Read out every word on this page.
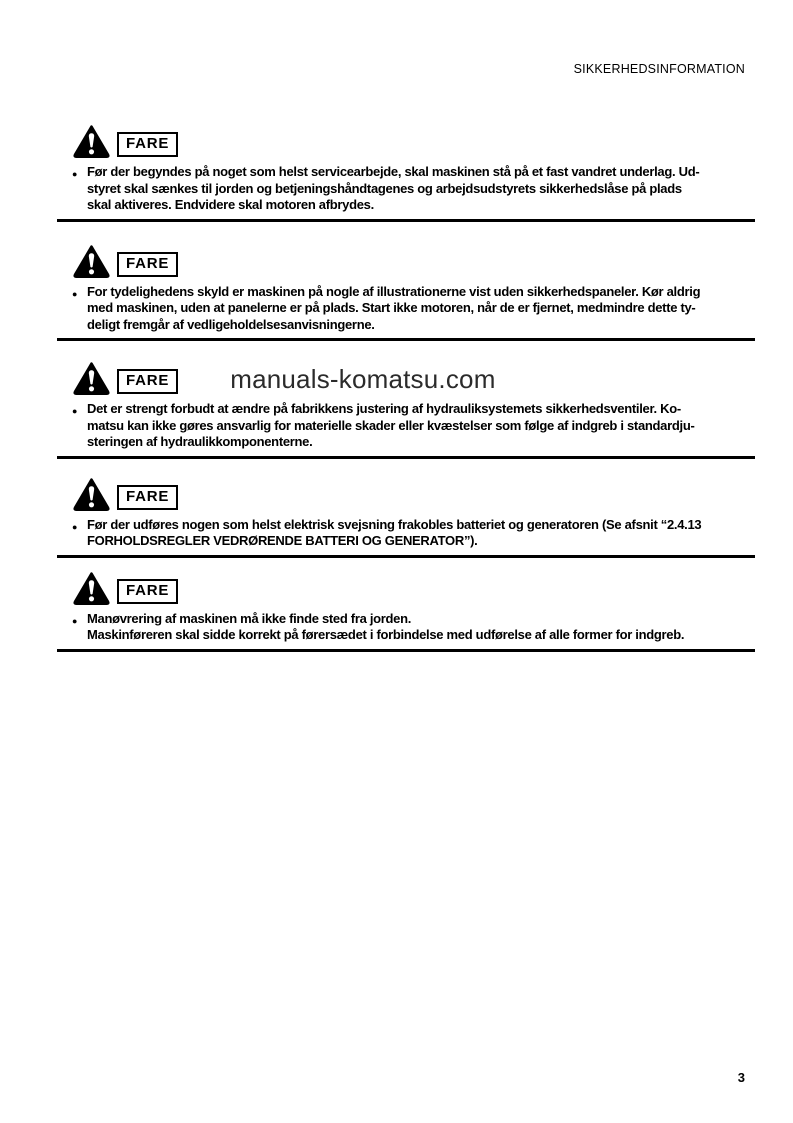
SIKKERHEDSINFORMATION
FARE
● Før der begyndes på noget som helst servicearbejde, skal maskinen stå på et fast vandret underlag. Ud-
styret skal sænkes til jorden og betjeningshåndtagenes og arbejdsudstyrets sikkerhedslåse på plads
skal aktiveres. Endvidere skal motoren afbrydes.
FARE
● For tydelighedens skyld er maskinen på nogle af illustrationerne vist uden sikkerhedspaneler. Kør aldrig
med maskinen, uden at panelerne er på plads. Start ikke motoren, når de er fjernet, medmindre dette ty-
deligt fremgår af vedligeholdelsesanvisningerne.
FARE	manuals-komatsu.com
● Det er strengt forbudt at ændre på fabrikkens justering af hydrauliksystemets sikkerhedsventiler. Ko-
matsu kan ikke gøres ansvarlig for materielle skader eller kvæstelser som følge af indgreb i standardju-
steringen af hydraulikkomponenterne.
FARE
● Før der udføres nogen som helst elektrisk svejsning frakobles batteriet og generatoren (Se afsnit “2.4.13
FORHOLDSREGLER VEDRØRENDE BATTERI OG GENERATOR”).
FARE
● Manøvrering af maskinen må ikke finde sted fra jorden.
Maskinføreren skal sidde korrekt på førersædet i forbindelse med udførelse af alle former for indgreb.
3
